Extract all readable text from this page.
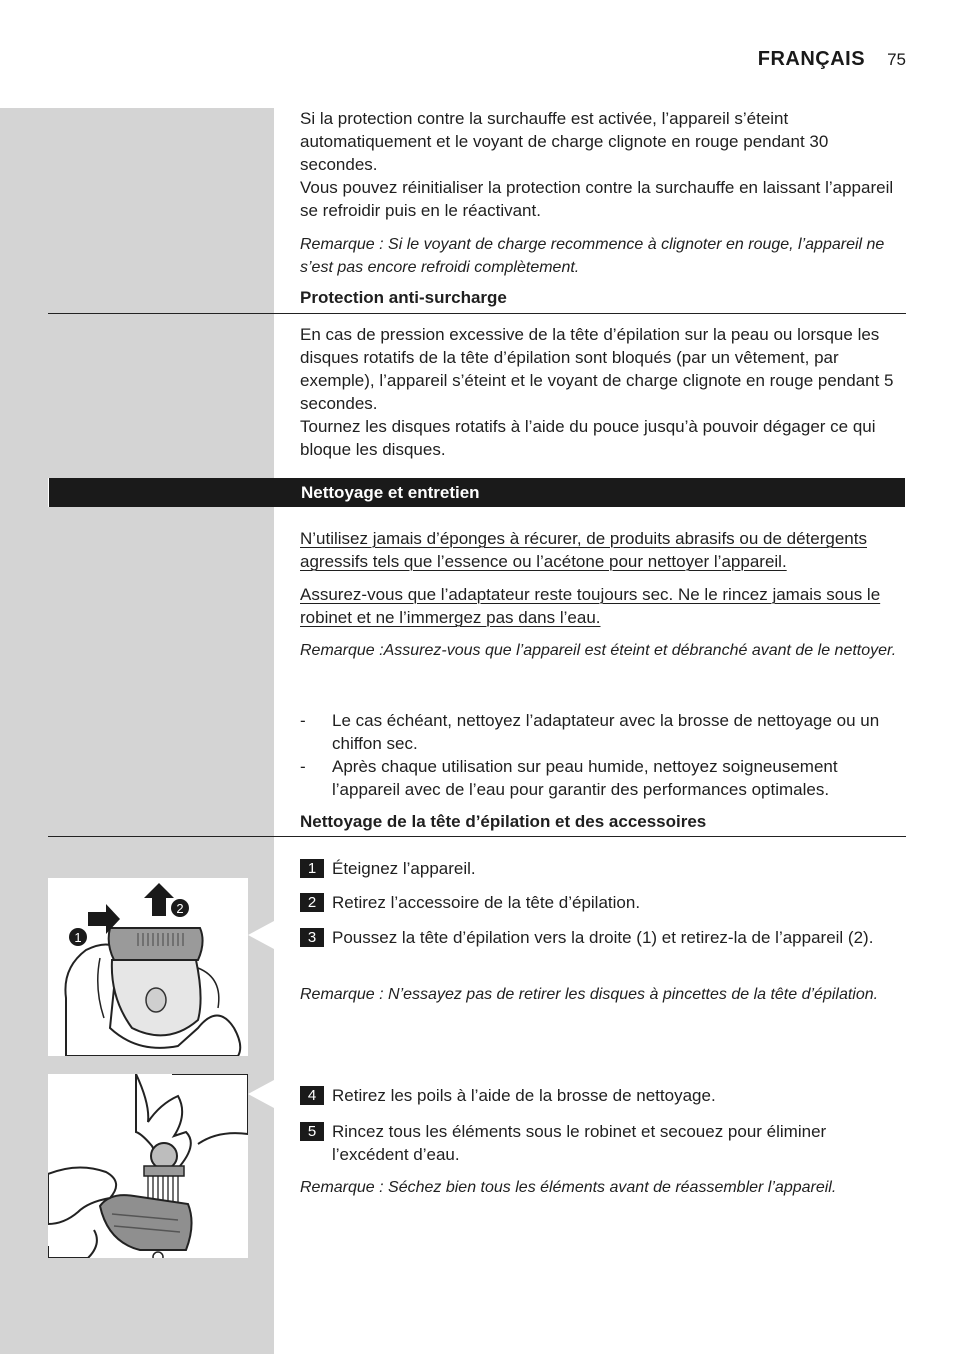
FRANÇAIS 75

Si la protection contre la surchauffe est activée, l’appareil s’éteint automatiquement et le voyant de charge clignote en rouge pendant 30 secondes.

Vous pouvez réinitialiser la protection contre la surchauffe en laissant l’appareil se refroidir puis en le réactivant.

Remarque : Si le voyant de charge recommence à clignoter en rouge, l’appareil ne s’est pas encore refroidi complètement.

Protection anti-surcharge

En cas de pression excessive de la tête d’épilation sur la peau ou lorsque les disques rotatifs de la tête d’épilation sont bloqués (par un vêtement, par exemple), l’appareil s’éteint et le voyant de charge clignote en rouge pendant 5 secondes.

Tournez les disques rotatifs à l’aide du pouce jusqu’à pouvoir dégager ce qui bloque les disques.

Nettoyage et entretien

N’utilisez jamais d’éponges à récurer, de produits abrasifs ou de détergents agressifs tels que l’essence ou l’acétone pour nettoyer l’appareil.

Assurez-vous que l’adaptateur reste toujours sec. Ne le rincez jamais sous le robinet et ne l’immergez pas dans l’eau.

Remarque :Assurez-vous que l’appareil est éteint et débranché avant de le nettoyer.

-	Le cas échéant, nettoyez l’adaptateur avec la brosse de nettoyage ou un chiffon sec.
-	Après chaque utilisation sur peau humide, nettoyez soigneusement l’appareil avec de l’eau pour garantir des performances optimales.
Nettoyage de la tête d’épilation et des accessoires
1 Éteignez l’appareil.
2 Retirez l’accessoire de la tête d’épilation.
3 Poussez la tête d’épilation vers la droite (1) et retirez-la de l’appareil (2).
Remarque : N’essayez pas de retirer les disques à pincettes de la tête d’épilation.
4 Retirez les poils à l’aide de la brosse de nettoyage.
5 Rincez tous les éléments sous le robinet et secouez pour éliminer l’excédent d’eau.
Remarque : Séchez bien tous les éléments avant de réassembler l’appareil.
1
2
